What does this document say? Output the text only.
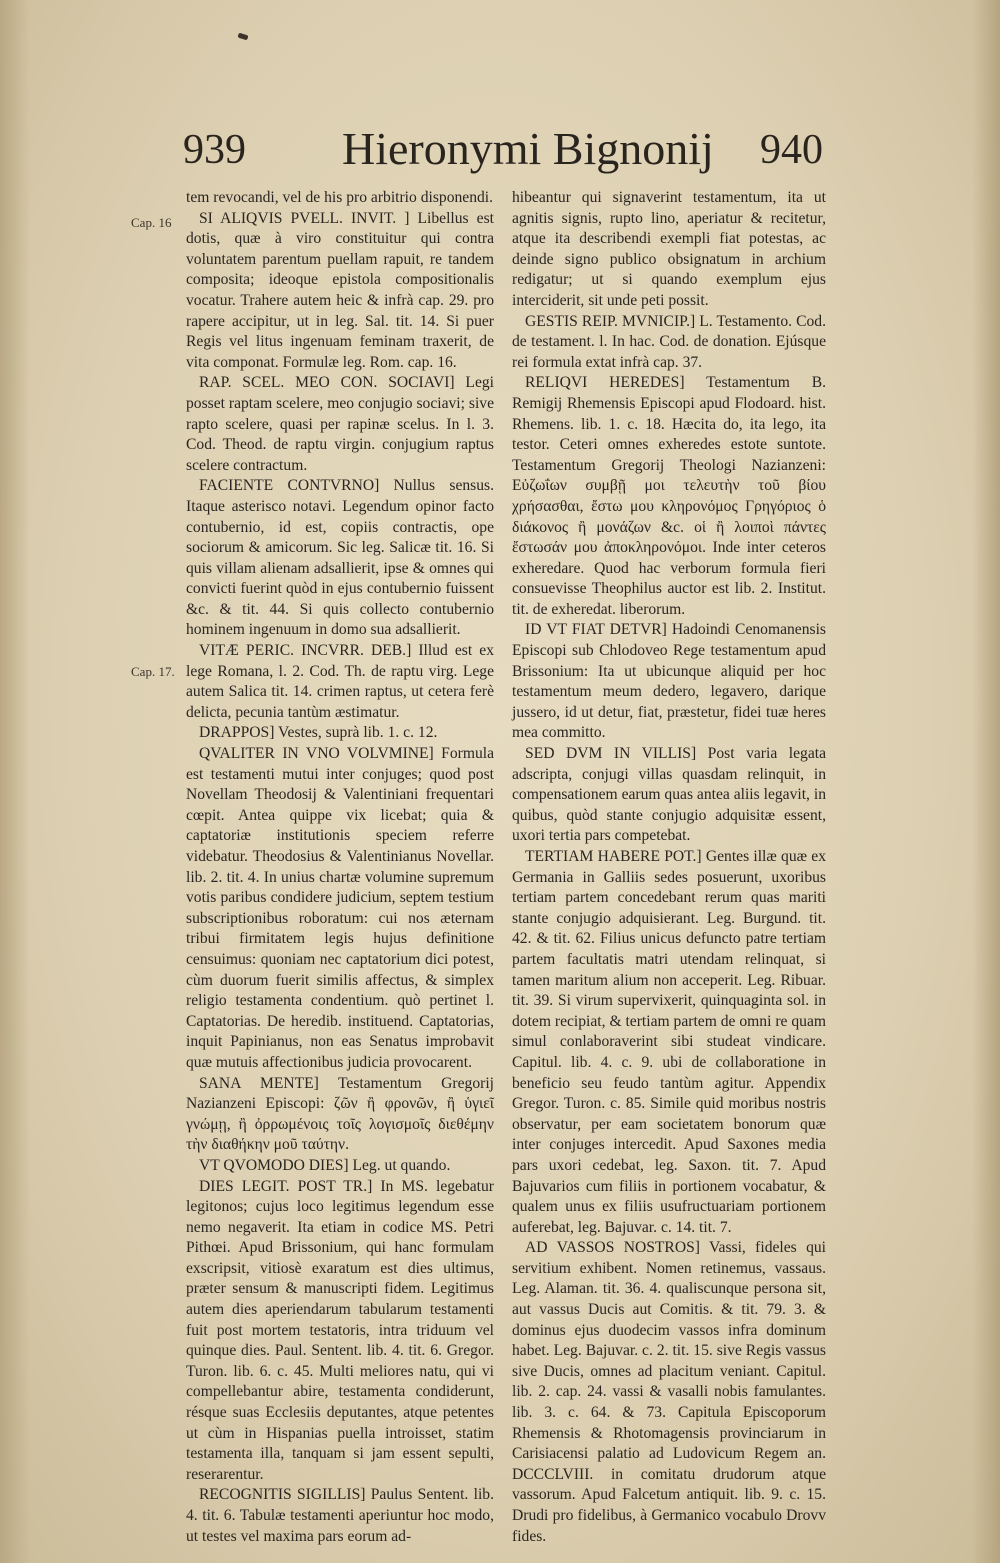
939 Hieronymi Bignonij 940
Cap. 16
Cap. 17.

tem revocandi, vel de his pro arbitrio disponendi.

SI ALIQVIS PVELL. INVIT. ] Libellus est dotis, quæ à viro constituitur qui contra voluntatem parentum puellam rapuit, re tandem composita; ideoque epistola compositionalis vocatur. Trahere autem heic & infrà cap. 29. pro rapere accipitur, ut in leg. Sal. tit. 14. Si puer Regis vel litus ingenuam feminam traxerit, de vita componat. Formulæ leg. Rom. cap. 16.

RAP. SCEL. MEO CON. SOCIAVI] Legi posset raptam scelere, meo conjugio sociavi; sive rapto scelere, quasi per rapinæ scelus. In l. 3. Cod. Theod. de raptu virgin. conjugium raptus scelere contractum.

FACIENTE CONTVRNO] Nullus sensus. Itaque asterisco notavi. Legendum opinor facto contubernio, id est, copiis contractis, ope sociorum & amicorum. Sic leg. Salicæ tit. 16. Si quis villam alienam adsallierit, ipse & omnes qui convicti fuerint quòd in ejus contubernio fuissent &c. & tit. 44. Si quis collecto contubernio hominem ingenuum in domo sua adsallierit.

VITÆ PERIC. INCVRR. DEB.] Illud est ex lege Romana, l. 2. Cod. Th. de raptu virg. Lege autem Salica tit. 14. crimen raptus, ut cetera ferè delicta, pecunia tantùm æstimatur.

DRAPPOS] Vestes, suprà lib. 1. c. 12.

QVALITER IN VNO VOLVMINE] Formula est testamenti mutui inter conjuges; quod post Novellam Theodosij & Valentiniani frequentari cœpit. Antea quippe vix licebat; quia & captatoriæ institutionis speciem referre videbatur. Theodosius & Valentinianus Novellar. lib. 2. tit. 4. In unius chartæ volumine supremum votis paribus condidere judicium, septem testium subscriptionibus roboratum: cui nos æternam tribui firmitatem legis hujus definitione censuimus: quoniam nec captatorium dici potest, cùm duorum fuerit similis affectus, & simplex religio testamenta condentium. quò pertinet l. Captatorias. De heredib. instituend. Captatorias, inquit Papinianus, non eas Senatus improbavit quæ mutuis affectionibus judicia provocarent.

SANA MENTE] Testamentum Gregorij Nazianzeni Episcopi: ζῶν ἢ φρονῶν, ἢ ὑγιεῖ γνώμῃ, ἢ ὀρρωμένοις τοῖς λογισμοῖς διεθέμην τὴν διαθήκην μοῦ ταύτην.

VT QVOMODO DIES] Leg. ut quando.

DIES LEGIT. POST TR.] In MS. legebatur legitonos; cujus loco legitimus legendum esse nemo negaverit. Ita etiam in codice MS. Petri Pithœi. Apud Brissonium, qui hanc formulam exscripsit, vitiosè exaratum est dies ultimus, præter sensum & manuscripti fidem. Legitimus autem dies aperiendarum tabularum testamenti fuit post mortem testatoris, intra triduum vel quinque dies. Paul. Sentent. lib. 4. tit. 6. Gregor. Turon. lib. 6. c. 45. Multi meliores natu, qui vi compellebantur abire, testamenta condiderunt, résque suas Ecclesiis deputantes, atque petentes ut cùm in Hispanias puella introisset, statim testamenta illa, tanquam si jam essent sepulti, reserarentur.

RECOGNITIS SIGILLIS] Paulus Sentent. lib. 4. tit. 6. Tabulæ testamenti aperiuntur hoc modo, ut testes vel maxima pars eorum ad-

hibeantur qui signaverint testamentum, ita ut agnitis signis, rupto lino, aperiatur & recitetur, atque ita describendi exempli fiat potestas, ac deinde signo publico obsignatum in archium redigatur; ut si quando exemplum ejus interciderit, sit unde peti possit.

GESTIS REIP. MVNICIP.] L. Testamento. Cod. de testament. l. In hac. Cod. de donation. Ejúsque rei formula extat infrà cap. 37.

RELIQVI HEREDES] Testamentum B. Remigij Rhemensis Episcopi apud Flodoard. hist. Rhemens. lib. 1. c. 18. Hæcita do, ita lego, ita testor. Ceteri omnes exheredes estote suntote. Testamentum Gregorij Theologi Nazianzeni: Εὐζωΐων συμβῇ μοι τελευτὴν τοῦ βίου χρήσασθαι, ἔστω μου κληρονόμος Γρηγόριος ὁ διάκονος ἢ μονάζων &c. οἱ ἢ λοιποὶ πάντες ἔστωσάν μου ἀποκληρονόμοι. Inde inter ceteros exheredare. Quod hac verborum formula fieri consuevisse Theophilus auctor est lib. 2. Institut. tit. de exheredat. liberorum.

ID VT FIAT DETVR] Hadoindi Cenomanensis Episcopi sub Chlodoveo Rege testamentum apud Brissonium: Ita ut ubicunque aliquid per hoc testamentum meum dedero, legavero, darique jussero, id ut detur, fiat, præstetur, fidei tuæ heres mea committo.

SED DVM IN VILLIS] Post varia legata adscripta, conjugi villas quasdam relinquit, in compensationem earum quas antea aliis legavit, in quibus, quòd stante conjugio adquisitæ essent, uxori tertia pars competebat.

TERTIAM HABERE POT.] Gentes illæ quæ ex Germania in Galliis sedes posuerunt, uxoribus tertiam partem concedebant rerum quas mariti stante conjugio adquisierant. Leg. Burgund. tit. 42. & tit. 62. Filius unicus defuncto patre tertiam partem facultatis matri utendam relinquat, si tamen maritum alium non acceperit. Leg. Ribuar. tit. 39. Si virum supervixerit, quinquaginta sol. in dotem recipiat, & tertiam partem de omni re quam simul conlaboraverint sibi studeat vindicare. Capitul. lib. 4. c. 9. ubi de collaboratione in beneficio seu feudo tantùm agitur. Appendix Gregor. Turon. c. 85. Simile quid moribus nostris observatur, per eam societatem bonorum quæ inter conjuges intercedit. Apud Saxones media pars uxori cedebat, leg. Saxon. tit. 7. Apud Bajuvarios cum filiis in portionem vocabatur, & qualem unus ex filiis usufructuariam portionem auferebat, leg. Bajuvar. c. 14. tit. 7.

AD VASSOS NOSTROS] Vassi, fideles qui servitium exhibent. Nomen retinemus, vassaus. Leg. Alaman. tit. 36. 4. qualiscunque persona sit, aut vassus Ducis aut Comitis. & tit. 79. 3. & dominus ejus duodecim vassos infra dominum habet. Leg. Bajuvar. c. 2. tit. 15. sive Regis vassus sive Ducis, omnes ad placitum veniant. Capitul. lib. 2. cap. 24. vassi & vasalli nobis famulantes. lib. 3. c. 64. & 73. Capitula Episcoporum Rhemensis & Rhotomagensis provinciarum in Carisiacensi palatio ad Ludovicum Regem an. DCCCLVIII. in comitatu drudorum atque vassorum. Apud Falcetum antiquit. lib. 9. c. 15. Drudi pro fidelibus, à Germanico vocabulo Drovv fides.
